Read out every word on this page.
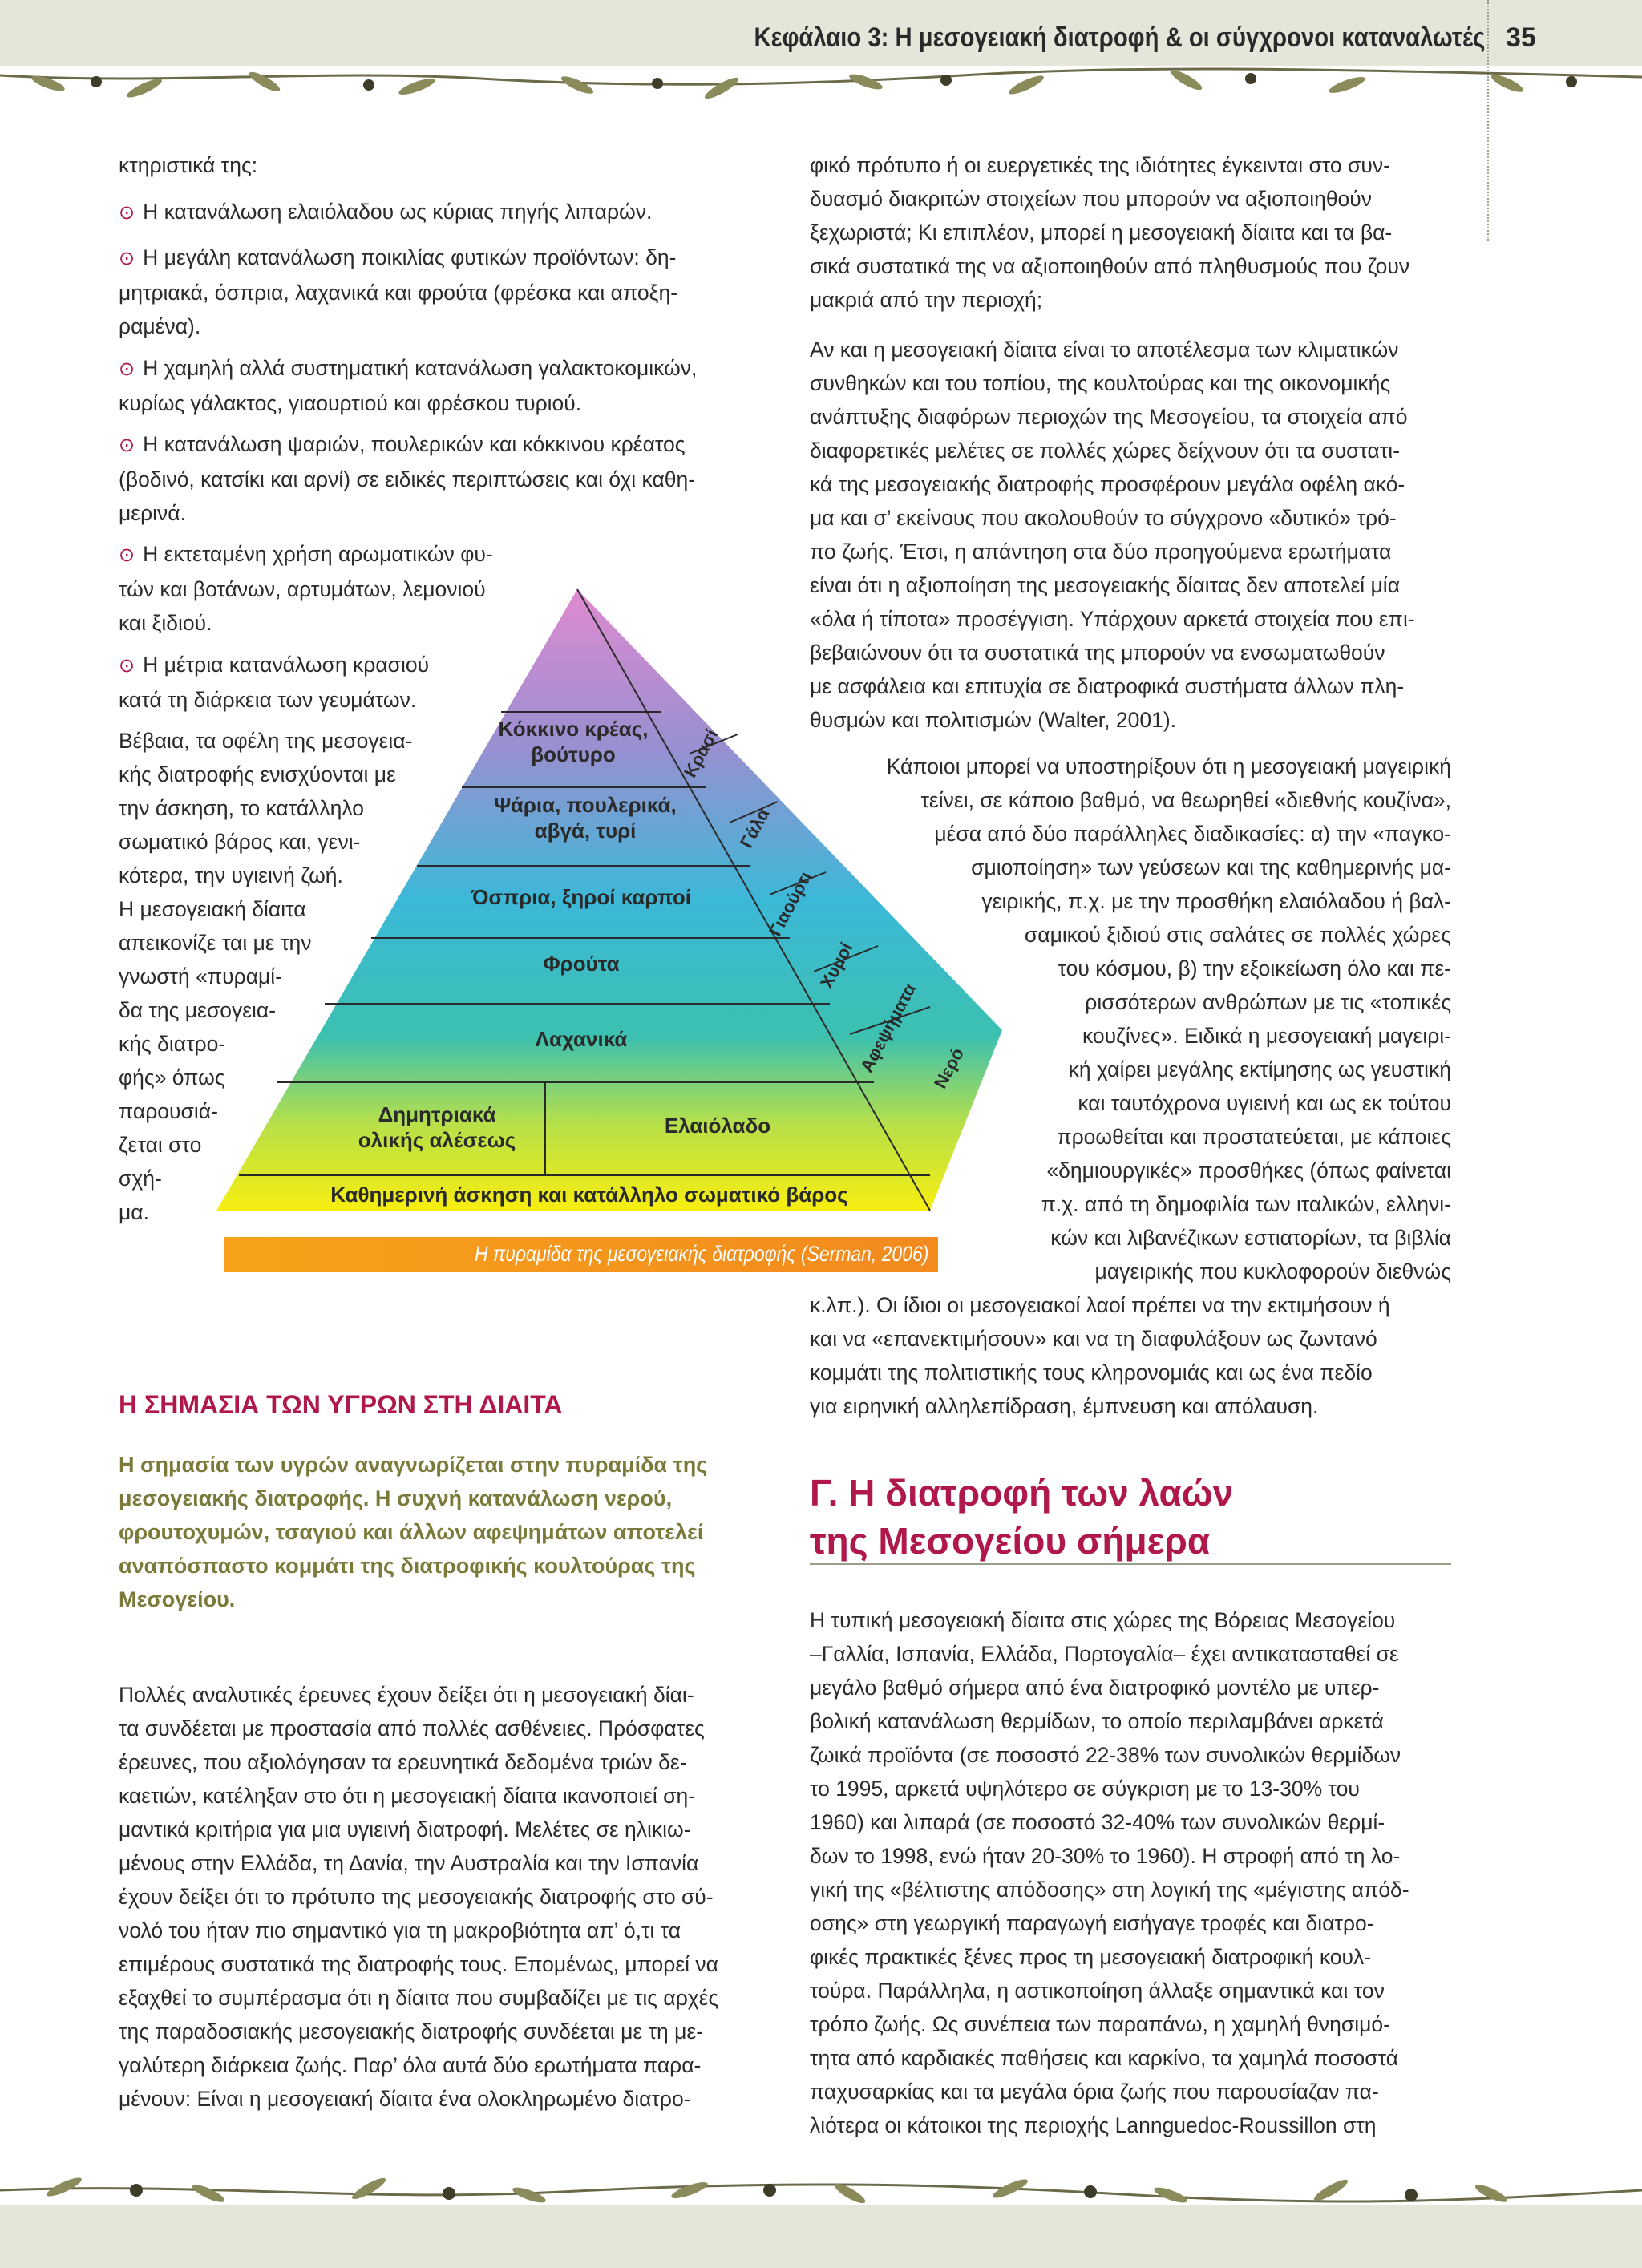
Κεφάλαιο 3: Η μεσογειακή διατροφή & οι σύγχρονοι καταναλωτές 35
κτηριστικά της:
⊙ Η κατανάλωση ελαιόλαδου ως κύριας πηγής λιπαρών.
⊙ Η μεγάλη κατανάλωση ποικιλίας φυτικών προϊόντων: δη-
μητριακά, όσπρια, λαχανικά και φρούτα (φρέσκα και αποξη-
ραμένα).
⊙ Η χαμηλή αλλά συστηματική κατανάλωση γαλακτοκομικών,
κυρίως γάλακτος, γιαουρτιού και φρέσκου τυριού.
⊙ Η κατανάλωση ψαριών, πουλερικών και κόκκινου κρέατος
(βοδινό, κατσίκι και αρνί) σε ειδικές περιπτώσεις και όχι καθη-
μερινά.
⊙ Η εκτεταμένη χρήση αρωματικών φυ-
τών και βοτάνων, αρτυμάτων, λεμονιού
και ξιδιού.
⊙ Η μέτρια κατανάλωση κρασιού
κατά τη διάρκεια των γευμάτων.
Βέβαια, τα οφέλη της μεσογεια-
κής διατροφής ενισχύονται με
την άσκηση, το κατάλληλο
σωματικό βάρος και, γενι-
κότερα, την υγιεινή ζωή.
Η μεσογειακή δίαιτα
απεικονίζε ται με την
γνωστή «πυραμί-
δα της μεσογεια-
κής διατρο-
φής» όπως
παρουσιά-
ζεται στο
σχή-
μα.
Κόκκινο κρέας,
βούτυρο
Ψάρια, πουλερικά,
αβγά, τυρί
Όσπρια, ξηροί καρποί
Φρούτα
Λαχανικά
Δημητριακά
ολικής αλέσεως
Ελαιόλαδο
Καθημερινή άσκηση και κατάλληλο σωματικό βάρος
Κρασί
Γάλα
Γιαούρτι
Χυμοί
Αφεψήματα Νερό
Η πυραμίδα της μεσογειακής διατροφής (Serman, 2006)
Η ΣΗΜΑΣΙΑ ΤΩΝ ΥΓΡΩΝ ΣΤΗ ΔΙΑΙΤΑ
Η σημασία των υγρών αναγνωρίζεται στην πυραμίδα της
μεσογειακής διατροφής. Η συχνή κατανάλωση νερού,
φρουτοχυμών, τσαγιού και άλλων αφεψημάτων αποτελεί
αναπόσπαστο κομμάτι της διατροφικής κουλτούρας της
Μεσογείου.
Πολλές αναλυτικές έρευνες έχουν δείξει ότι η μεσογειακή δίαι-
τα συνδέεται με προστασία από πολλές ασθένειες. Πρόσφατες
έρευνες, που αξιολόγησαν τα ερευνητικά δεδομένα τριών δε-
καετιών, κατέληξαν στο ότι η μεσογειακή δίαιτα ικανοποιεί ση-
μαντικά κριτήρια για μια υγιεινή διατροφή. Μελέτες σε ηλικιω-
μένους στην Ελλάδα, τη Δανία, την Αυστραλία και την Ισπανία
έχουν δείξει ότι το πρότυπο της μεσογειακής διατροφής στο σύ-
νολό του ήταν πιο σημαντικό για τη μακροβιότητα απ’ ό,τι τα
επιμέρους συστατικά της διατροφής τους. Επομένως, μπορεί να
εξαχθεί το συμπέρασμα ότι η δίαιτα που συμβαδίζει με τις αρχές
της παραδοσιακής μεσογειακής διατροφής συνδέεται με τη με-
γαλύτερη διάρκεια ζωής. Παρ’ όλα αυτά δύο ερωτήματα παρα-
μένουν: Είναι η μεσογειακή δίαιτα ένα ολοκληρωμένο διατρο-
φικό πρότυπο ή οι ευεργετικές της ιδιότητες έγκεινται στο συν-
δυασμό διακριτών στοιχείων που μπορούν να αξιοποιηθούν
ξεχωριστά; Κι επιπλέον, μπορεί η μεσογειακή δίαιτα και τα βα-
σικά συστατικά της να αξιοποιηθούν από πληθυσμούς που ζουν
μακριά από την περιοχή;
Αν και η μεσογειακή δίαιτα είναι το αποτέλεσμα των κλιματικών
συνθηκών και του τοπίου, της κουλτούρας και της οικονομικής
ανάπτυξης διαφόρων περιοχών της Μεσογείου, τα στοιχεία από
διαφορετικές μελέτες σε πολλές χώρες δείχνουν ότι τα συστατι-
κά της μεσογειακής διατροφής προσφέρουν μεγάλα οφέλη ακό-
μα και σ’ εκείνους που ακολουθούν το σύγχρονο «δυτικό» τρό-
πο ζωής. Έτσι, η απάντηση στα δύο προηγούμενα ερωτήματα
είναι ότι η αξιοποίηση της μεσογειακής δίαιτας δεν αποτελεί μία
«όλα ή τίποτα» προσέγγιση. Υπάρχουν αρκετά στοιχεία που επι-
βεβαιώνουν ότι τα συστατικά της μπορούν να ενσωματωθούν
με ασφάλεια και επιτυχία σε διατροφικά συστήματα άλλων πλη-
θυσμών και πολιτισμών (Walter, 2001).
Κάποιοι μπορεί να υποστηρίξουν ότι η μεσογειακή μαγειρική
τείνει, σε κάποιο βαθμό, να θεωρηθεί «διεθνής κουζίνα»,
μέσα από δύο παράλληλες διαδικασίες: α) την «παγκο-
σμιοποίηση» των γεύσεων και της καθημερινής μα-
γειρικής, π.χ. με την προσθήκη ελαιόλαδου ή βαλ-
σαμικού ξιδιού στις σαλάτες σε πολλές χώρες
του κόσμου, β) την εξοικείωση όλο και πε-
ρισσότερων ανθρώπων με τις «τοπικές
κουζίνες». Ειδικά η μεσογειακή μαγειρι-
κή χαίρει μεγάλης εκτίμησης ως γευστική
και ταυτόχρονα υγιεινή και ως εκ τούτου
προωθείται και προστατεύεται, με κάποιες
«δημιουργικές» προσθήκες (όπως φαίνεται
π.χ. από τη δημοφιλία των ιταλικών, ελληνι-
κών και λιβανέζικων εστιατορίων, τα βιβλία
μαγειρικής που κυκλοφορούν διεθνώς
κ.λπ.). Οι ίδιοι οι μεσογειακοί λαοί πρέπει να την εκτιμήσουν ή
και να «επανεκτιμήσουν» και να τη διαφυλάξουν ως ζωντανό
κομμάτι της πολιτιστικής τους κληρονομιάς και ως ένα πεδίο
για ειρηνική αλληλεπίδραση, έμπνευση και απόλαυση.
Γ. Η διατροφή των λαών
της Μεσογείου σήμερα
Η τυπική μεσογειακή δίαιτα στις χώρες της Βόρειας Μεσογείου
–Γαλλία, Ισπανία, Ελλάδα, Πορτογαλία– έχει αντικατασταθεί σε
μεγάλο βαθμό σήμερα από ένα διατροφικό μοντέλο με υπερ-
βολική κατανάλωση θερμίδων, το οποίο περιλαμβάνει αρκετά
ζωικά προϊόντα (σε ποσοστό 22-38% των συνολικών θερμίδων
το 1995, αρκετά υψηλότερο σε σύγκριση με το 13-30% του
1960) και λιπαρά (σε ποσοστό 32-40% των συνολικών θερμί-
δων το 1998, ενώ ήταν 20-30% το 1960). Η στροφή από τη λο-
γική της «βέλτιστης απόδοσης» στη λογική της «μέγιστης απόδ-
οσης» στη γεωργική παραγωγή εισήγαγε τροφές και διατρο-
φικές πρακτικές ξένες προς τη μεσογειακή διατροφική κουλ-
τούρα. Παράλληλα, η αστικοποίηση άλλαξε σημαντικά και τον
τρόπο ζωής. Ως συνέπεια των παραπάνω, η χαμηλή θνησιμό-
τητα από καρδιακές παθήσεις και καρκίνο, τα χαμηλά ποσοστά
παχυσαρκίας και τα μεγάλα όρια ζωής που παρουσίαζαν πα-
λιότερα οι κάτοικοι της περιοχής Lannguedoc-Roussillon στη
